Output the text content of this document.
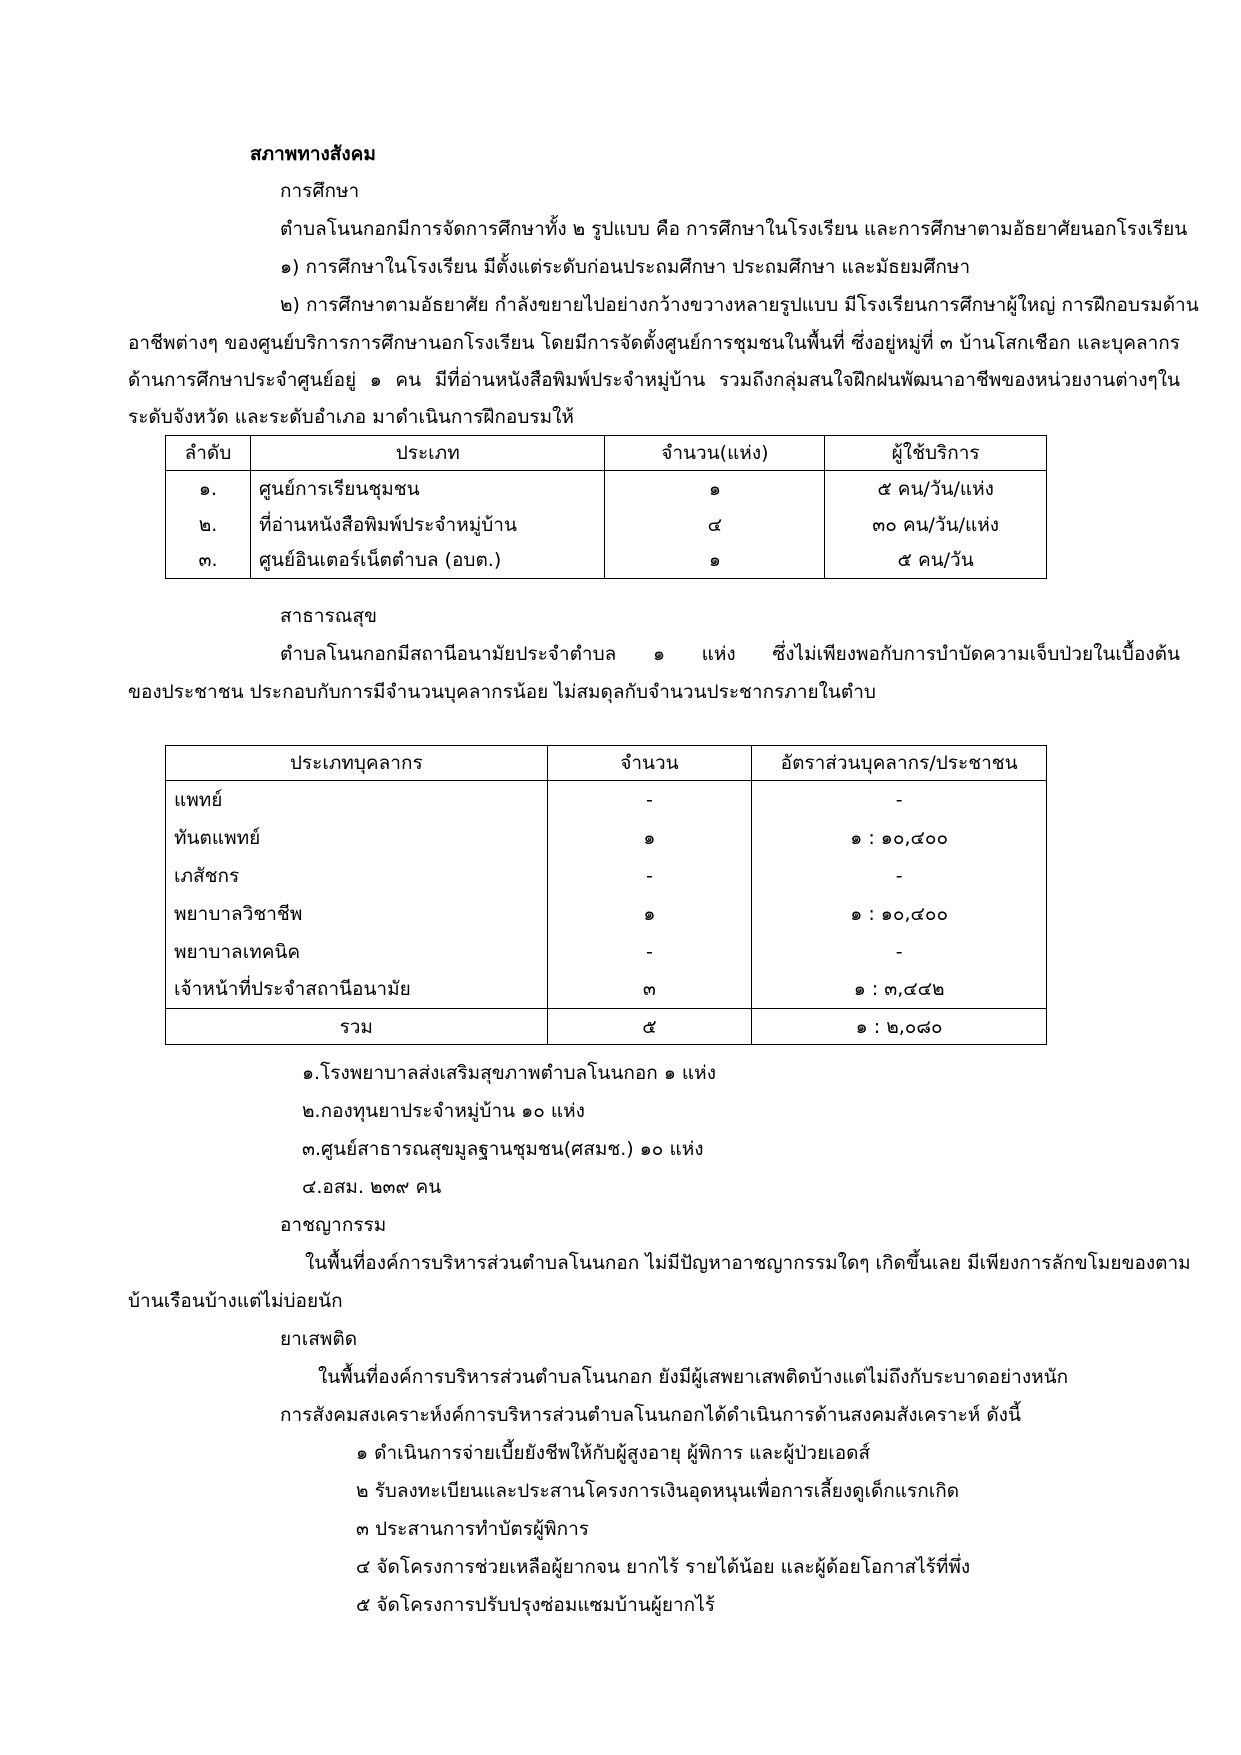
สภาพทางสังคม
การศึกษา
ตำบลโนนกอกมีการจัดการศึกษาทั้ง ๒ รูปแบบ คือ การศึกษาในโรงเรียน และการศึกษาตามอัธยาศัยนอกโรงเรียน
๑) การศึกษาในโรงเรียน มีตั้งแต่ระดับก่อนประถมศึกษา ประถมศึกษา และมัธยมศึกษา
๒) การศึกษาตามอัธยาศัย กำลังขยายไปอย่างกว้างขวางหลายรูปแบบ มีโรงเรียนการศึกษาผู้ใหญ่ การฝึกอบรมด้าน
อาชีพต่างๆ ของศูนย์บริการการศึกษานอกโรงเรียน โดยมีการจัดตั้งศูนย์การชุมชนในพื้นที่ ซึ่งอยู่หมู่ที่ ๓ บ้านโสกเชือก และบุคลากร
ด้านการศึกษาประจำศูนย์อยู่ ๑ คน มีที่อ่านหนังสือพิมพ์ประจำหมู่บ้าน รวมถึงกลุ่มสนใจฝึกฝนพัฒนาอาชีพของหน่วยงานต่างๆใน
ระดับจังหวัด และระดับอำเภอ มาดำเนินการฝึกอบรมให้
ลำดับ	ประเภท	จำนวน(แห่ง)	ผู้ใช้บริการ
๑.	ศูนย์การเรียนชุมชน	๑	๕ คน/วัน/แห่ง
๒.	ที่อ่านหนังสือพิมพ์ประจำหมู่บ้าน	๔	๓๐ คน/วัน/แห่ง
๓.	ศูนย์อินเตอร์เน็ตตำบล (อบต.)	๑	๕ คน/วัน
สาธารณสุข
ตำบลโนนกอกมีสถานีอนามัยประจำตำบล ๑ แห่ง ซึ่งไม่เพียงพอกับการบำบัดความเจ็บป่วยในเบื้องต้น
ของประชาชน ประกอบกับการมีจำนวนบุคลากรน้อย ไม่สมดุลกับจำนวนประชากรภายในตำบ
ประเภทบุคลากร	จำนวน	อัตราส่วนบุคลากร/ประชาชน
แพทย์	-	-
ทันตแพทย์	๑	๑ : ๑๐,๔๐๐
เภสัชกร	-	-
พยาบาลวิชาชีพ	๑	๑ : ๑๐,๔๐๐
พยาบาลเทคนิค	-	-
เจ้าหน้าที่ประจำสถานีอนามัย	๓	๑ : ๓,๔๔๒
รวม	๕	๑ : ๒,๐๘๐
๑.โรงพยาบาลส่งเสริมสุขภาพตำบลโนนกอก ๑ แห่ง
๒.กองทุนยาประจำหมู่บ้าน ๑๐ แห่ง
๓.ศูนย์สาธารณสุขมูลฐานชุมชน(ศสมช.) ๑๐ แห่ง
๔.อสม. ๒๓๙ คน
อาชญากรรม
ในพื้นที่องค์การบริหารส่วนตำบลโนนกอก ไม่มีปัญหาอาชญากรรมใดๆ เกิดขึ้นเลย มีเพียงการลักขโมยของตาม
บ้านเรือนบ้างแต่ไม่บ่อยนัก
ยาเสพติด
ในพื้นที่องค์การบริหารส่วนตำบลโนนกอก ยังมีผู้เสพยาเสพติดบ้างแต่ไม่ถึงกับระบาดอย่างหนัก
การสังคมสงเคราะห์งค์การบริหารส่วนตำบลโนนกอกได้ดำเนินการด้านสงคมสังเคราะห์ ดังนี้
๑ ดำเนินการจ่ายเบี้ยยังชีพให้กับผู้สูงอายุ ผู้พิการ และผู้ป่วยเอดส์
๒ รับลงทะเบียนและประสานโครงการเงินอุดหนุนเพื่อการเลี้ยงดูเด็กแรกเกิด
๓ ประสานการทำบัตรผู้พิการ
๔ จัดโครงการช่วยเหลือผู้ยากจน ยากไร้ รายได้น้อย และผู้ด้อยโอกาสไร้ที่พึ่ง
๕ จัดโครงการปรับปรุงซ่อมแซมบ้านผู้ยากไร้
